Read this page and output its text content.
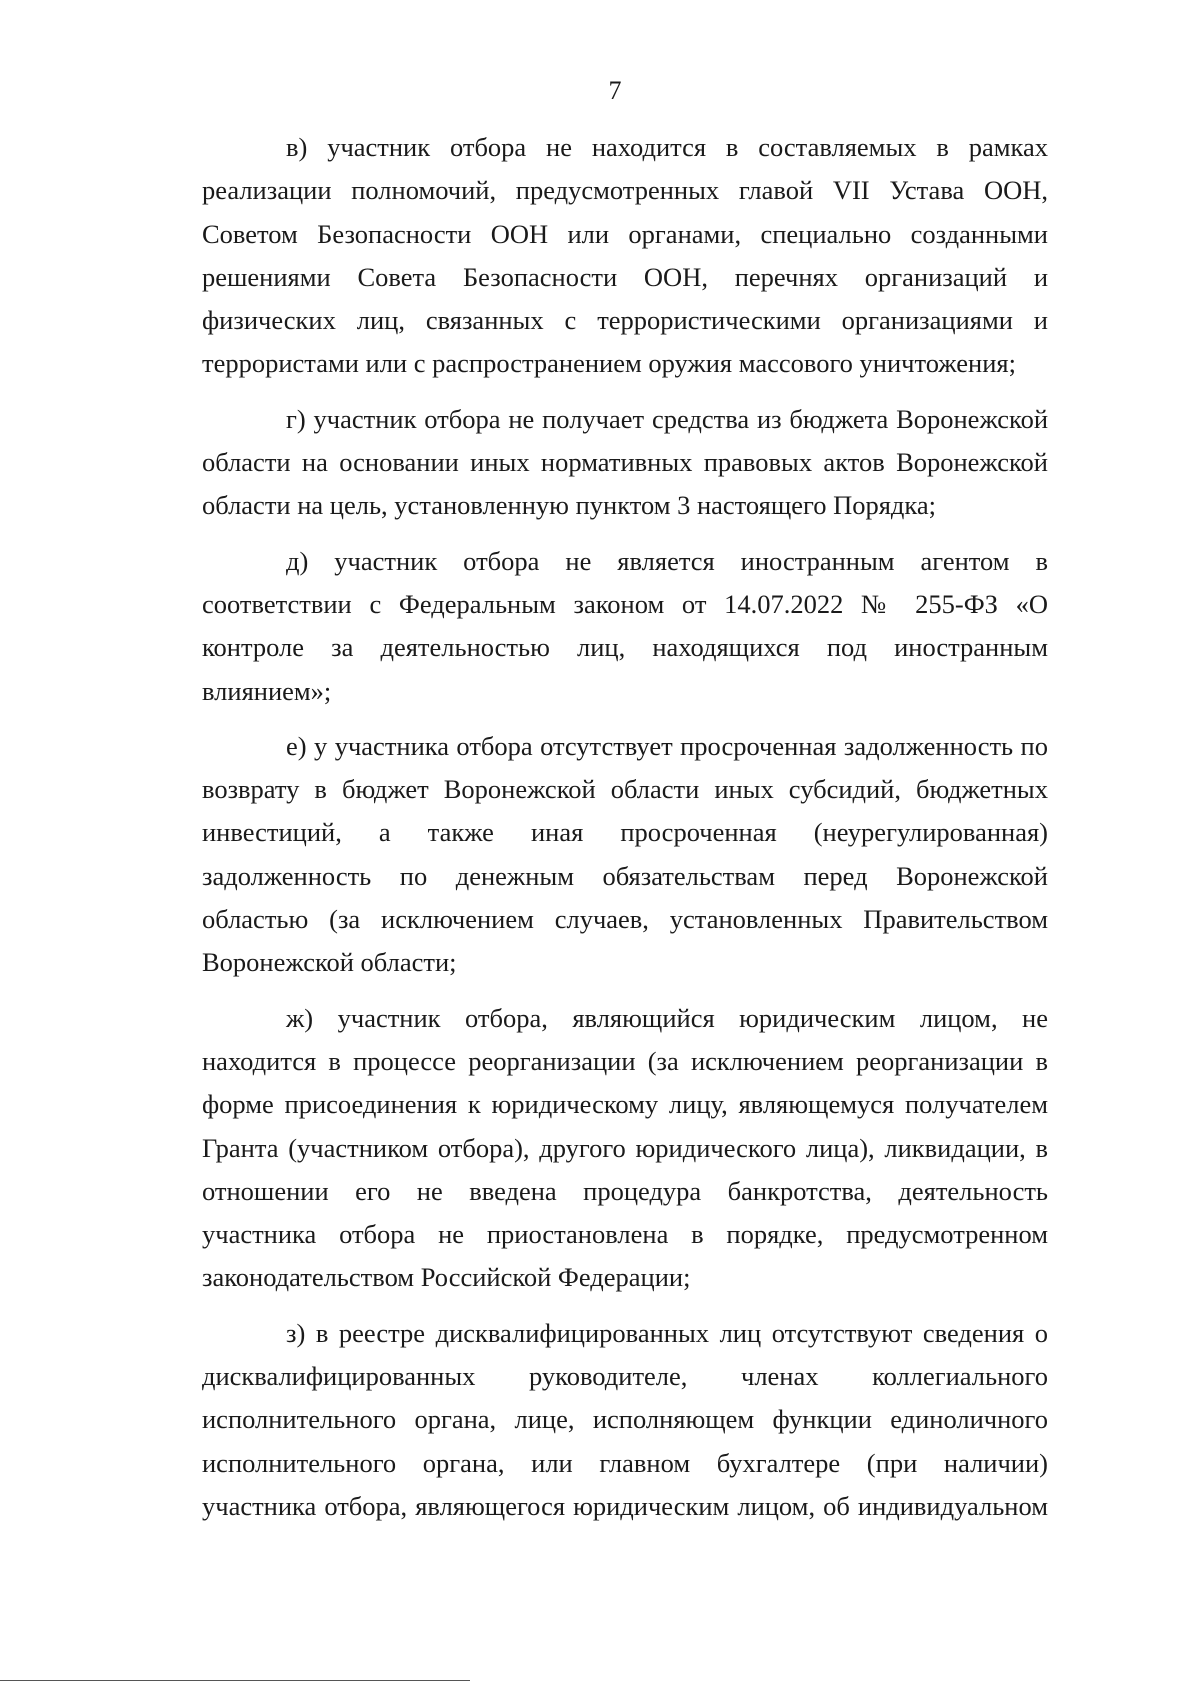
7

в) участник отбора не находится в составляемых в рамках реализации полномочий, предусмотренных главой VII Устава ООН, Советом Безопасности ООН или органами, специально созданными решениями Совета Безопасности ООН, перечнях организаций и физических лиц, связанных с террористическими организациями и террористами или с распространением оружия массового уничтожения;

г) участник отбора не получает средства из бюджета Воронежской области на основании иных нормативных правовых актов Воронежской области на цель, установленную пунктом 3 настоящего Порядка;

д) участник отбора не является иностранным агентом в соответствии с Федеральным законом от 14.07.2022 № 255-ФЗ «О контроле за деятельностью лиц, находящихся под иностранным влиянием»;

е) у участника отбора отсутствует просроченная задолженность по возврату в бюджет Воронежской области иных субсидий, бюджетных инвестиций, а также иная просроченная (неурегулированная) задолженность по денежным обязательствам перед Воронежской областью (за исключением случаев, установленных Правительством Воронежской области;

ж) участник отбора, являющийся юридическим лицом, не находится в процессе реорганизации (за исключением реорганизации в форме присоединения к юридическому лицу, являющемуся получателем Гранта (участником отбора), другого юридического лица), ликвидации, в отношении его не введена процедура банкротства, деятельность участника отбора не приостановлена в порядке, предусмотренном законодательством Российской Федерации;

з) в реестре дисквалифицированных лиц отсутствуют сведения о дисквалифицированных руководителе, членах коллегиального исполнительного органа, лице, исполняющем функции единоличного исполнительного органа, или главном бухгалтере (при наличии) участника отбора, являющегося юридическим лицом, об индивидуальном
